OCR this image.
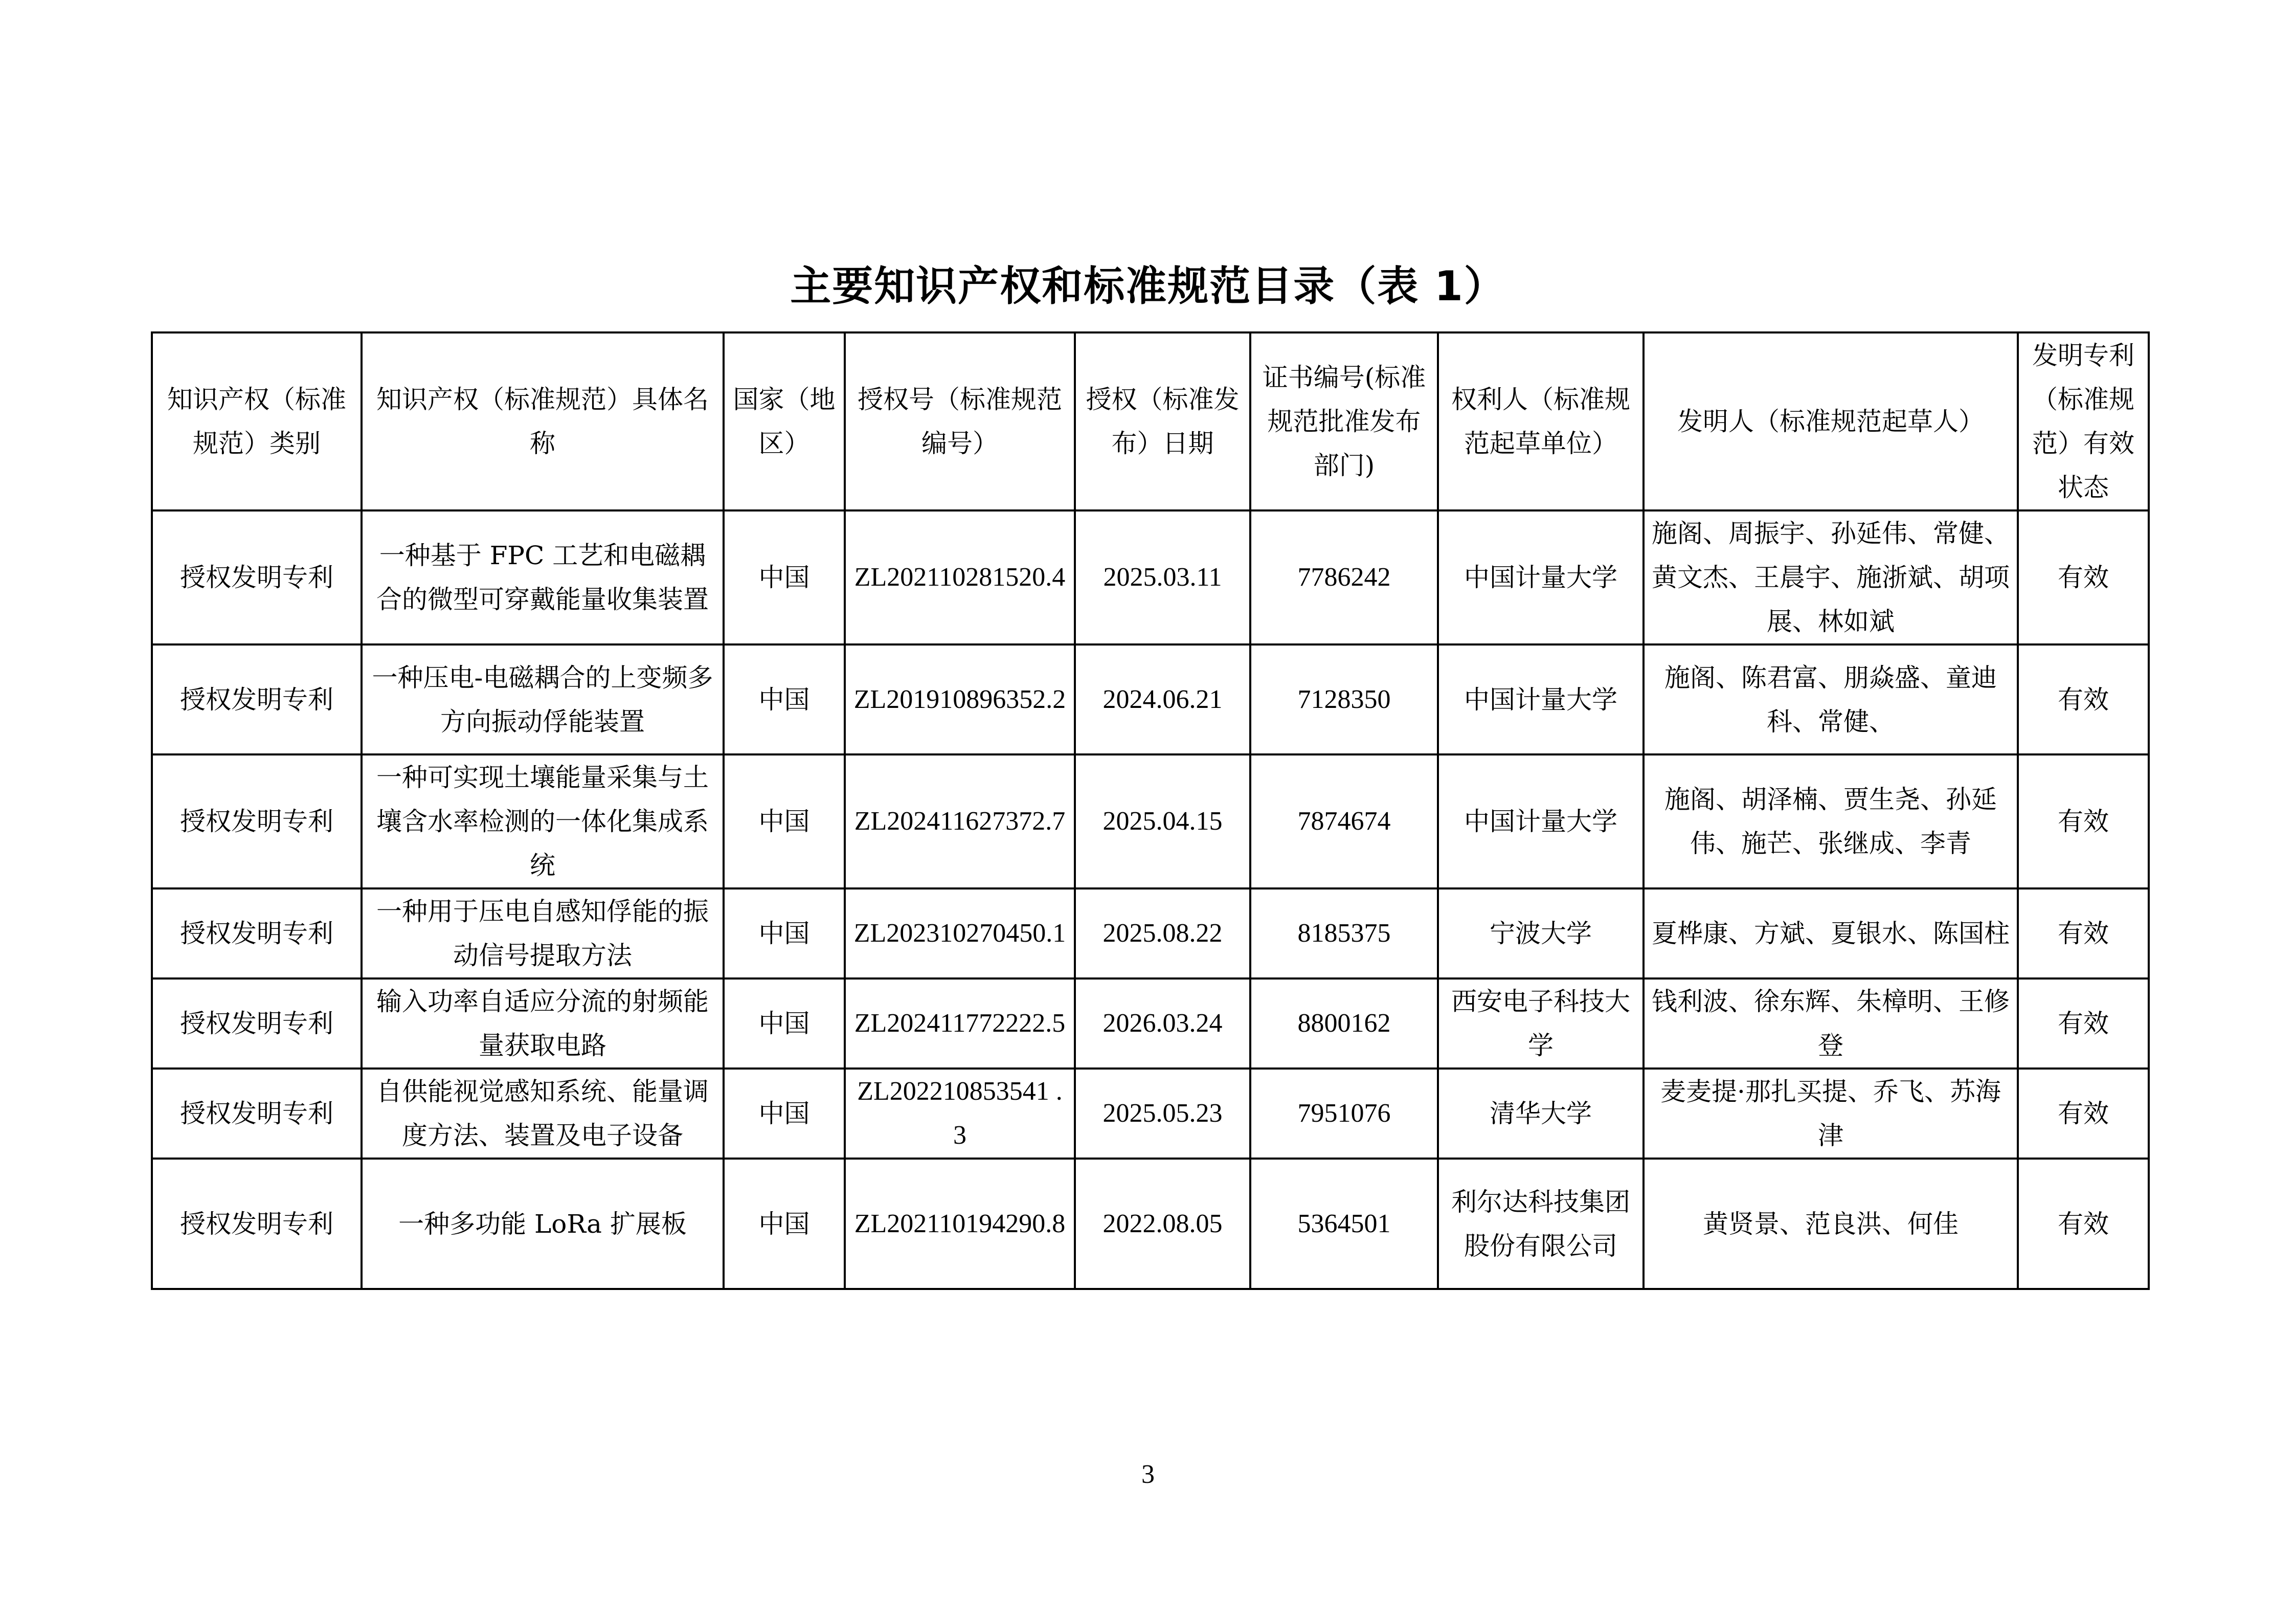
主要知识产权和标准规范目录（表 1）
知识产权（标准规范）类别	知识产权（标准规范）具体名称	国家（地区）	授权号（标准规范编号）	授权（标准发布）日期	证书编号(标准规范批准发布部门)	权利人（标准规范起草单位）	发明人（标准规范起草人）	发明专利（标准规范）有效状态
授权发明专利	一种基于 FPC 工艺和电磁耦合的微型可穿戴能量收集装置	中国	ZL202110281520.4	2025.03.11	7786242	中国计量大学	施阁、周振宇、孙延伟、常健、黄文杰、王晨宇、施浙斌、胡项展、林如斌	有效
授权发明专利	一种压电-电磁耦合的上变频多方向振动俘能装置	中国	ZL201910896352.2	2024.06.21	7128350	中国计量大学	施阁、陈君富、朋焱盛、童迪科、常健、	有效
授权发明专利	一种可实现土壤能量采集与土壤含水率检测的一体化集成系统	中国	ZL202411627372.7	2025.04.15	7874674	中国计量大学	施阁、胡泽楠、贾生尧、孙延伟、施芒、张继成、李青	有效
授权发明专利	一种用于压电自感知俘能的振动信号提取方法	中国	ZL202310270450.1	2025.08.22	8185375	宁波大学	夏桦康、方斌、夏银水、陈国柱	有效
授权发明专利	输入功率自适应分流的射频能量获取电路	中国	ZL202411772222.5	2026.03.24	8800162	西安电子科技大学	钱利波、徐东辉、朱樟明、王修登	有效
授权发明专利	自供能视觉感知系统、能量调度方法、装置及电子设备	中国	ZL202210853541 .3	2025.05.23	7951076	清华大学	麦麦提·那扎买提、乔飞、苏海津	有效
授权发明专利	一种多功能 LoRa 扩展板	中国	ZL202110194290.8	2022.08.05	5364501	利尔达科技集团股份有限公司	黄贤景、范良洪、何佳	有效
3
